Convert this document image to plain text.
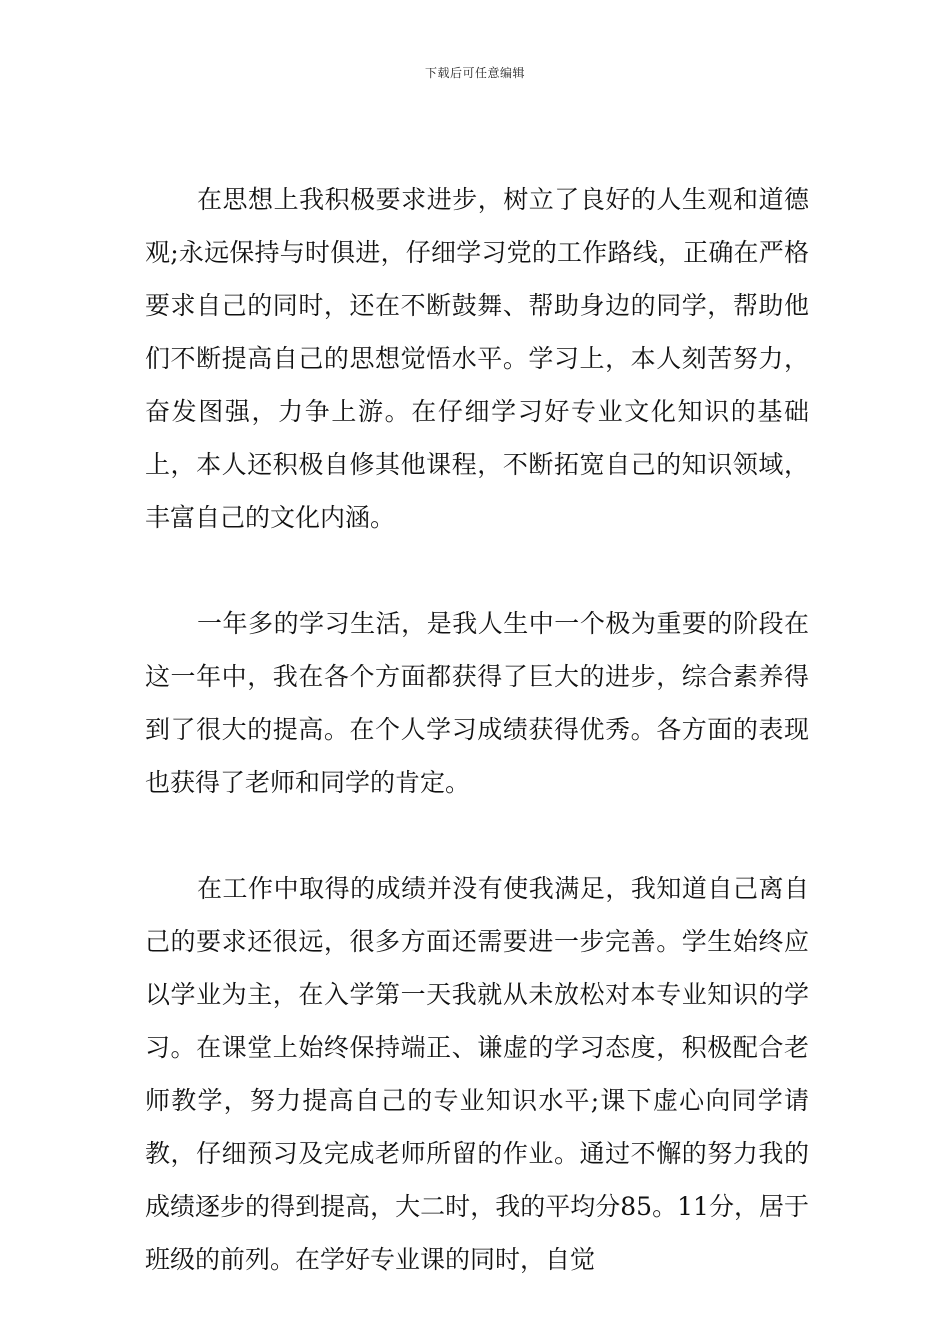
下载后可任意编辑

在思想上我积极要求进步，树立了良好的人生观和道德观;永远保持与时俱进，仔细学习党的工作路线，正确在严格要求自己的同时，还在不断鼓舞、帮助身边的同学，帮助他们不断提高自己的思想觉悟水平。学习上，本人刻苦努力，奋发图强，力争上游。在仔细学习好专业文化知识的基础上，本人还积极自修其他课程，不断拓宽自己的知识领域，丰富自己的文化内涵。

一年多的学习生活，是我人生中一个极为重要的阶段在这一年中，我在各个方面都获得了巨大的进步，综合素养得到了很大的提高。在个人学习成绩获得优秀。各方面的表现也获得了老师和同学的肯定。

在工作中取得的成绩并没有使我满足，我知道自己离自己的要求还很远，很多方面还需要进一步完善。学生始终应以学业为主，在入学第一天我就从未放松对本专业知识的学习。在课堂上始终保持端正、谦虚的学习态度，积极配合老师教学，努力提高自己的专业知识水平;课下虚心向同学请教，仔细预习及完成老师所留的作业。通过不懈的努力我的成绩逐步的得到提高，大二时，我的平均分85。11分，居于班级的前列。在学好专业课的同时，自觉
